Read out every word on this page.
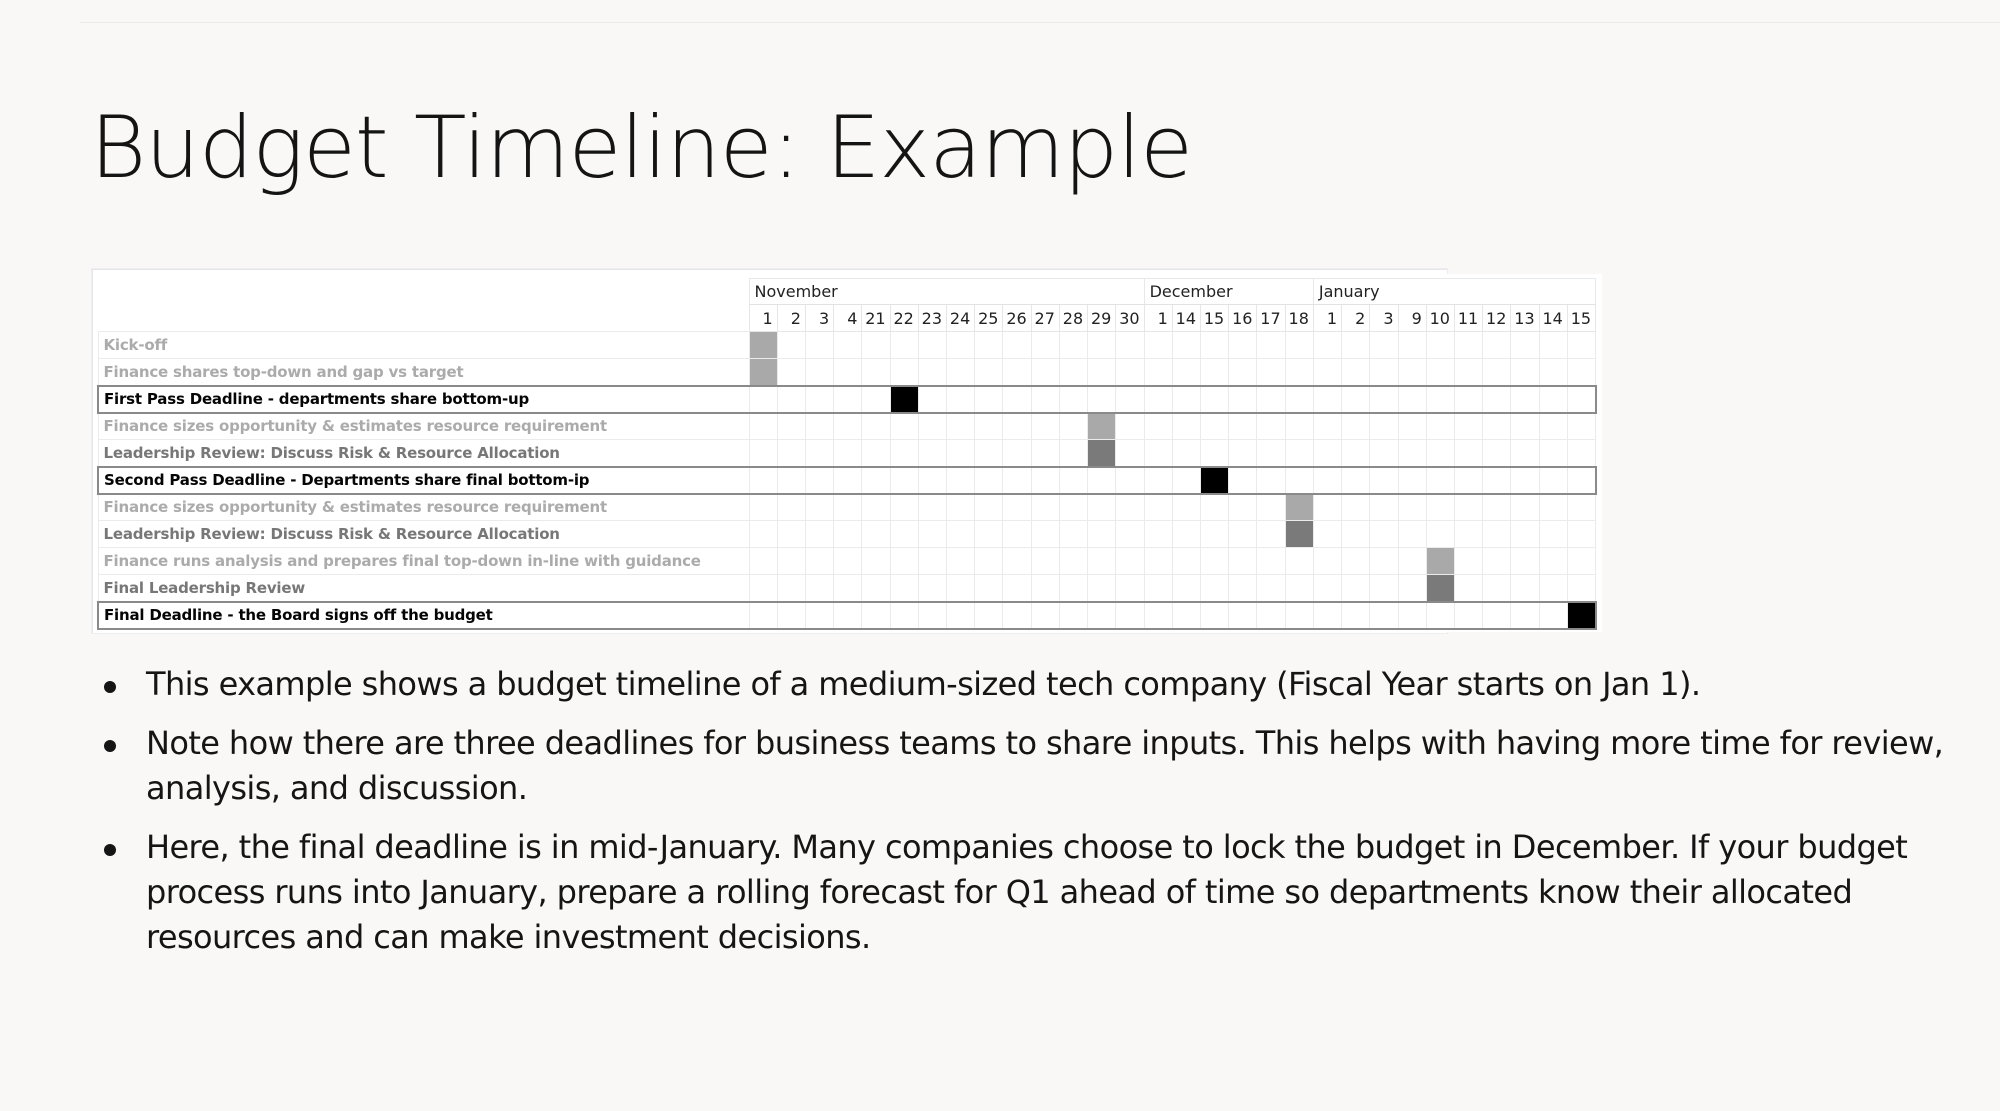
Budget Timeline: Example
	November														December						January									
	1	2	3	4	21	22	23	24	25	26	27	28	29	30	1	14	15	16	17	18	1	2	3	9	10	11	12	13	14	15
Kick-off																														
Finance shares top-down and gap vs target																														
First Pass Deadline - departments share bottom-up																														
Finance sizes opportunity & estimates resource requirement																														
Leadership Review: Discuss Risk & Resource Allocation																														
Second Pass Deadline - Departments share final bottom-ip																														
Finance sizes opportunity & estimates resource requirement																														
Leadership Review: Discuss Risk & Resource Allocation																														
Finance runs analysis and prepares final top-down in-line with guidance																														
Final Leadership Review																														
Final Deadline - the Board signs off the budget																														
This example shows a budget timeline of a medium-sized tech company (Fiscal Year starts on Jan 1).
Note how there are three deadlines for business teams to share inputs. This helps with having more time for review, analysis, and discussion.
Here, the final deadline is in mid-January. Many companies choose to lock the budget in December. If your budget process runs into January, prepare a rolling forecast for Q1 ahead of time so departments know their allocated resources and can make investment decisions.
